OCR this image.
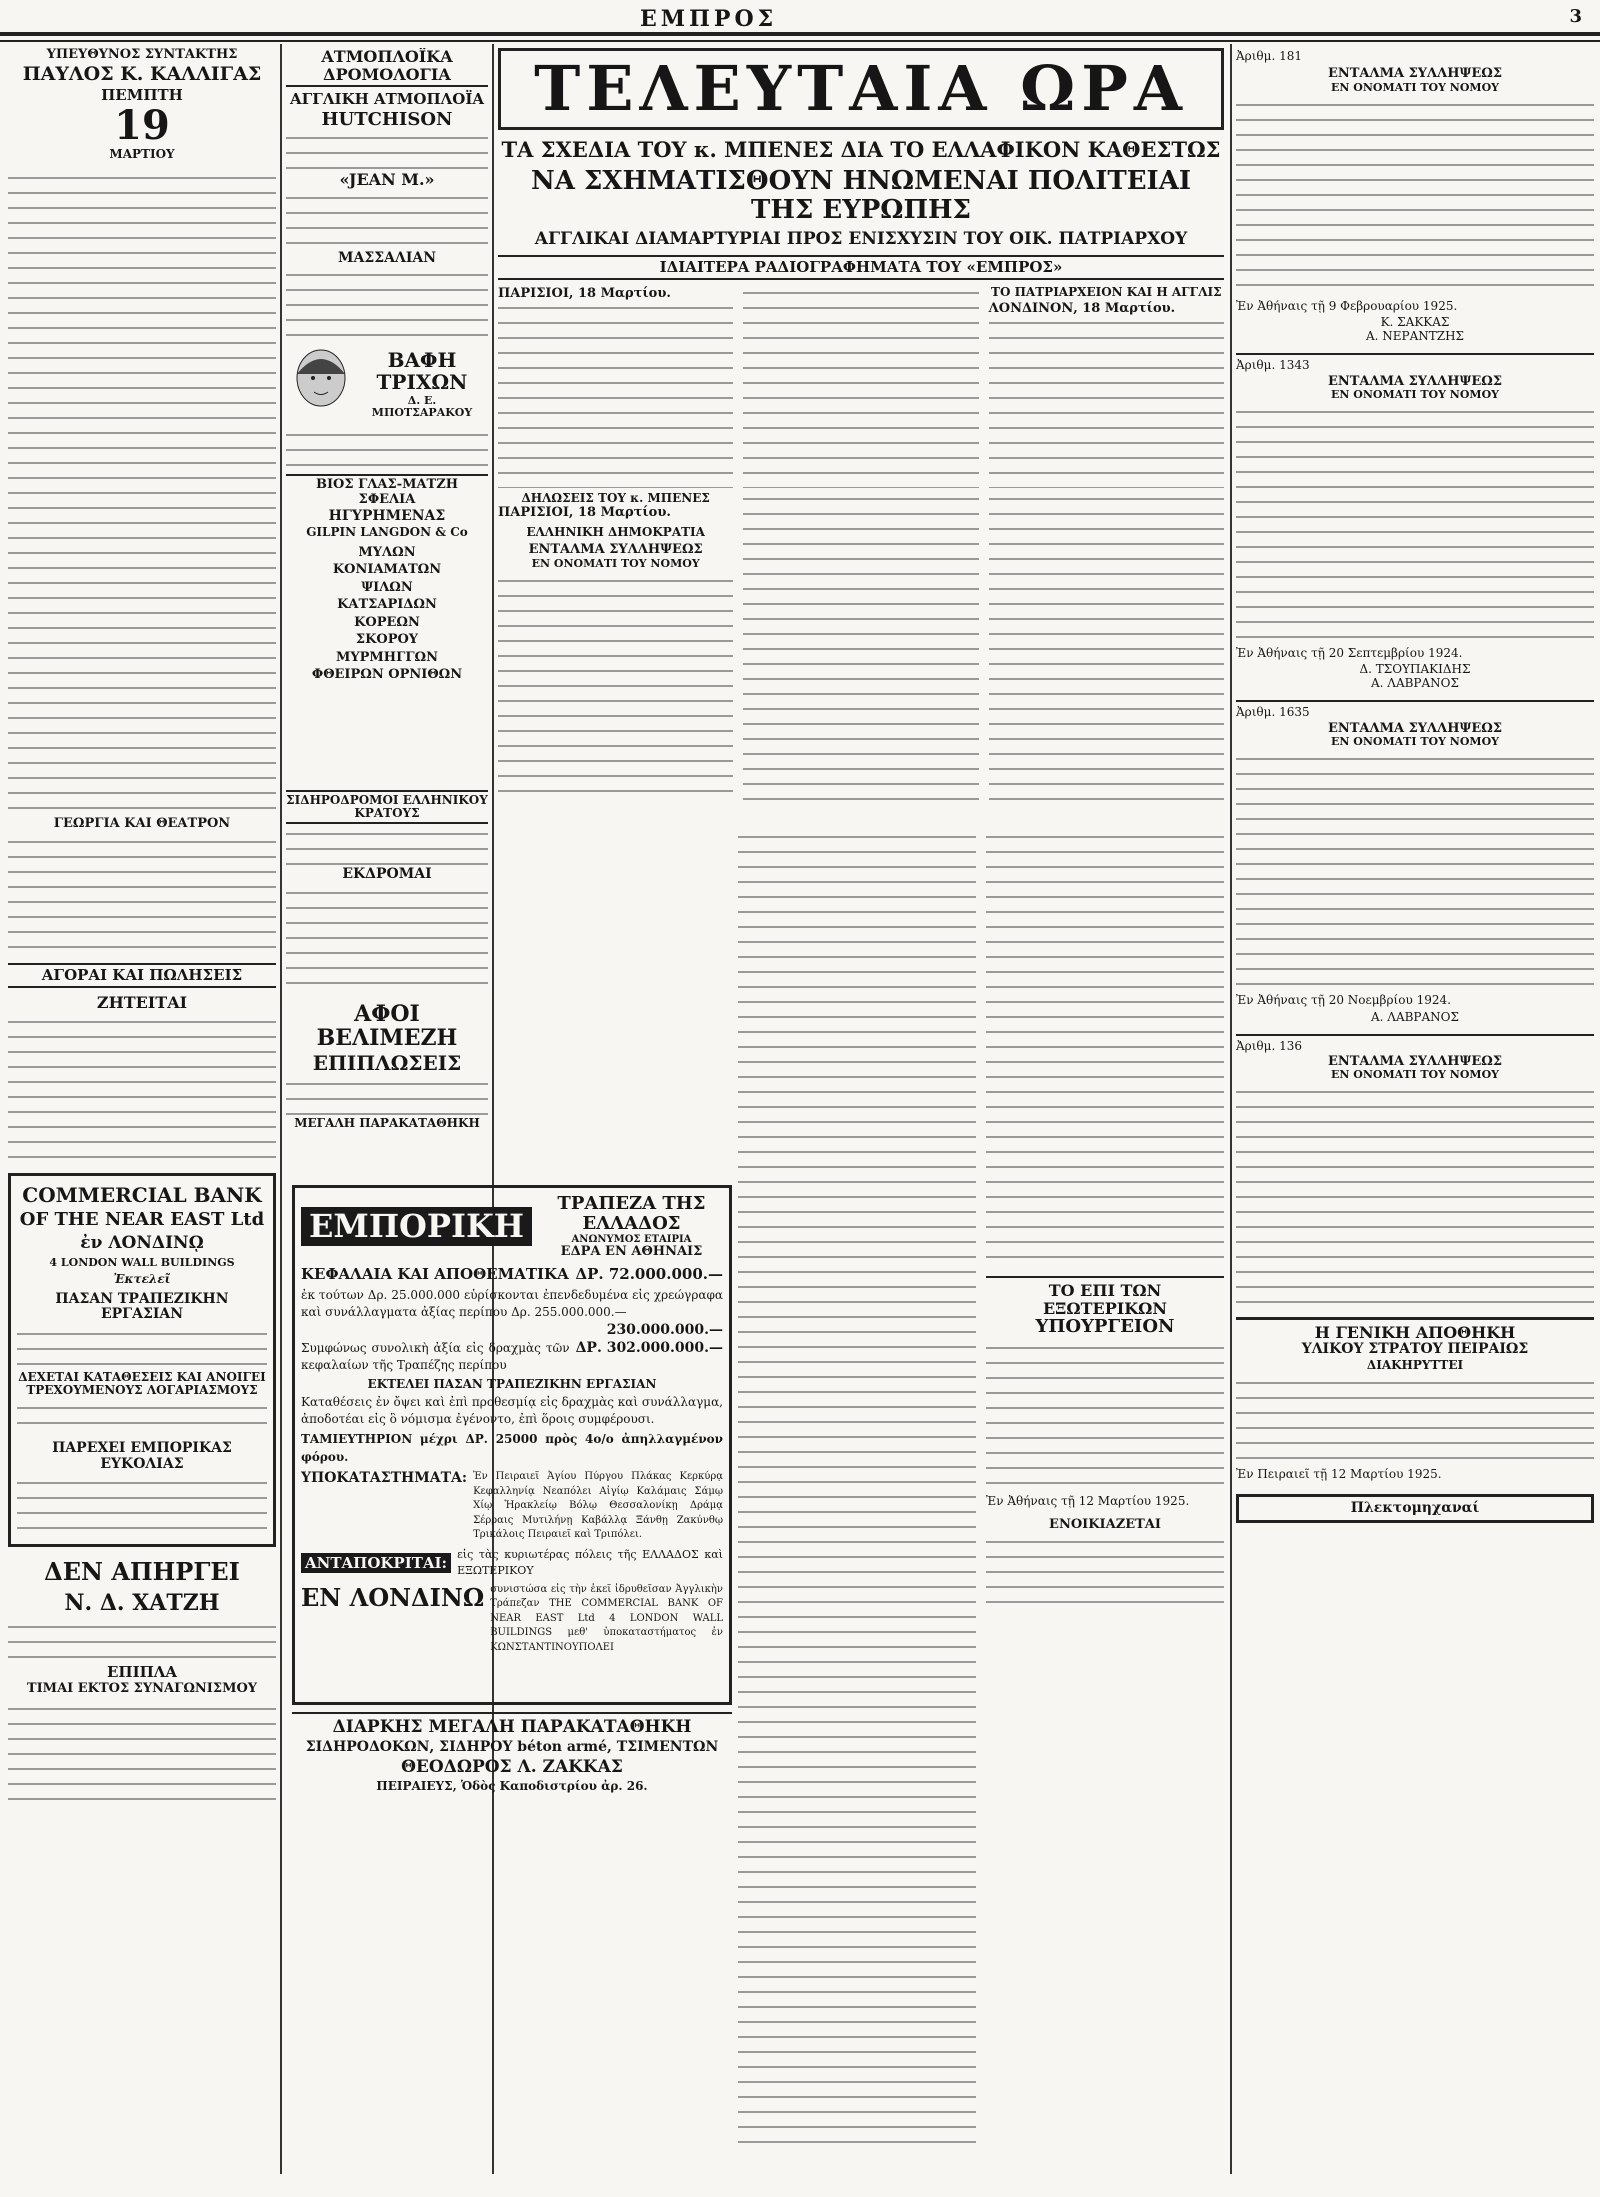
ΕΜΠΡΟΣ	3
ΥΠΕΥΘΥΝΟΣ ΣΥΝΤΑΚΤΗΣ
ΠΑΥΛΟΣ Κ. ΚΑΛΛΙΓΑΣ
ΠΕΜΠΤΗ
19
ΜΑΡΤΙΟΥ
ΓΕΩΡΓΙΑ ΚΑΙ ΘΕΑΤΡΟΝ
ΑΓΟΡΑΙ ΚΑΙ ΠΩΛΗΣΕΙΣ
ΖΗΤΕΙΤΑΙ
COMMERCIAL BANK
OF THE NEAR EAST Ltd
ἐν ΛΟΝΔΙΝῼ
4 LONDON WALL BUILDINGS
Ἐκτελεῖ
ΠΑΣΑΝ ΤΡΑΠΕΖΙΚΗΝ ΕΡΓΑΣΙΑΝ
ΔΕΧΕΤΑΙ ΚΑΤΑΘΕΣΕΙΣ ΚΑΙ ΑΝΟΙΓΕΙ ΤΡΕΧΟΥΜΕΝΟΥΣ ΛΟΓΑΡΙΑΣΜΟΥΣ
ΠΑΡΕΧΕΙ ΕΜΠΟΡΙΚΑΣ ΕΥΚΟΛΙΑΣ
ΔΕΝ ΑΠΗΡΓΕΙ
Ν. Δ. ΧΑΤΖΗ
ΕΠΙΠΛΑ
ΤΙΜΑΙ ΕΚΤΟΣ ΣΥΝΑΓΩΝΙΣΜΟΥ
ΑΤΜΟΠΛΟΪΚΑ ΔΡΟΜΟΛΟΓΙΑ
ΑΓΓΛΙΚΗ ΑΤΜΟΠΛΟΪΑ
HUTCHISON
«JEAN M.»
ΜΑΣΣΑΛΙΑΝ
ΒΑΦΗ ΤΡΙΧΩΝ
Δ. Ε. ΜΠΟΤΣΑΡΑΚΟΥ
ΒΙΟΣ ΓΛΑΣ-ΜΑΤΖΗ ΣΦΕΛΙΑ
ΗΓΥΡΗΜΕΝΑΣ
GILPIN LANGDON & Co
ΜΥΛΩΝ
ΚΟΝΙΑΜΑΤΩΝ
ΨΙΛΩΝ
ΚΑΤΣΑΡΙΔΩΝ
ΚΟΡΕΩΝ
ΣΚΟΡΟΥ
ΜΥΡΜΗΓΓΩΝ
ΦΘΕΙΡΩΝ ΟΡΝΙΘΩΝ
ΣΙΔΗΡΟΔΡΟΜΟΙ ΕΛΛΗΝΙΚΟΥ ΚΡΑΤΟΥΣ
ΕΚΔΡΟΜΑΙ
ΑΦΟΙ ΒΕΛΙΜΕΖΗ
ΕΠΙΠΛΩΣΕΙΣ
ΜΕΓΑΛΗ ΠΑΡΑΚΑΤΑΘΗΚΗ
ΤΕΛΕΥΤΑΙΑ ΩΡΑ
ΤΑ ΣΧΕΔΙΑ ΤΟΥ κ. ΜΠΕΝΕΣ ΔΙΑ ΤΟ ΕΛΛΑΦΙΚΟΝ ΚΑΘΕΣΤΩΣ
ΝΑ ΣΧΗΜΑΤΙΣΘΟΥΝ ΗΝΩΜΕΝΑΙ ΠΟΛΙΤΕΙΑΙ ΤΗΣ ΕΥΡΩΠΗΣ
ΑΓΓΛΙΚΑΙ ΔΙΑΜΑΡΤΥΡΙΑΙ ΠΡΟΣ ΕΝΙΣΧΥΣΙΝ ΤΟΥ ΟΙΚ. ΠΑΤΡΙΑΡΧΟΥ
ΙΔΙΑΙΤΕΡΑ ΡΑΔΙΟΓΡΑΦΗΜΑΤΑ ΤΟΥ «ΕΜΠΡΟΣ»
ΠΑΡΙΣΙΟΙ, 18 Μαρτίου.	ΤΟ ΠΑΤΡΙΑΡΧΕΙΟΝ ΚΑΙ Η ΑΓΓΛΙΣ
ΛΟΝΔΙΝΟΝ, 18 Μαρτίου.
ΔΗΛΩΣΕΙΣ ΤΟΥ κ. ΜΠΕΝΕΣ
ΠΑΡΙΣΙΟΙ, 18 Μαρτίου.
ΕΛΛΗΝΙΚΗ ΔΗΜΟΚΡΑΤΙΑ
ΕΝΤΑΛΜΑ ΣΥΛΛΗΨΕΩΣ
ΕΝ ΟΝΟΜΑΤΙ ΤΟΥ ΝΟΜΟΥ
ΕΜΠΟΡΙΚΗ
ΤΡΑΠΕΖΑ ΤΗΣ ΕΛΛΑΔΟΣ
ΑΝΩΝΥΜΟΣ ΕΤΑΙΡΙΑ
ΕΔΡΑ ΕΝ ΑΘΗΝΑΙΣ
ΚΕΦΑΛΑΙΑ ΚΑΙ ΑΠΟΘΕΜΑΤΙΚΑ ΔΡ. 72.000.000.—
ἐκ τούτων Δρ. 25.000.000 εὑρίσκονται ἐπενδεδυμένα εἰς χρεώγραφα καὶ συνάλλαγματα ἀξίας περίπου Δρ. 255.000.000.—
230.000.000.—
Συμφώνως συνολικὴ ἀξία εἰς δραχμὰς τῶν κεφαλαίων τῆς Τραπέζης περίπου
ΔΡ. 302.000.000.—
ΕΚΤΕΛΕΙ ΠΑΣΑΝ ΤΡΑΠΕΖΙΚΗΝ ΕΡΓΑΣΙΑΝ
Καταθέσεις ἐν ὄψει καὶ ἐπὶ προθεσμίᾳ εἰς δραχμὰς καὶ συνάλλαγμα, ἀποδοτέαι εἰς ὃ νόμισμα ἐγένοντο, ἐπὶ ὅροις συμφέρουσι.
ΤΑΜΙΕΥΤΗΡΙΟΝ μέχρι ΔΡ. 25000 πρὸς 4ο/ο ἀπηλλαγμένον φόρου.
ΥΠΟΚΑΤΑΣΤΗΜΑΤΑ: Ἐν Πειραιεῖ Ἀγίου Πύργου Πλάκας Κερκύρᾳ Κεφαλληνίᾳ Νεαπόλει Αἰγίῳ Καλάμαις Σάμῳ Χίῳ Ἡρακλείῳ Βόλῳ Θεσσαλονίκῃ Δράμᾳ Σέρραις Μυτιλήνῃ Καβάλλᾳ Ξάνθῃ Ζακύνθῳ Τρικάλοις Πειραιεῖ καὶ Τριπόλει.
ΑΝΤΑΠΟΚΡΙΤΑΙ: εἰς τὰς κυριωτέρας πόλεις τῆς ΕΛΛΑΔΟΣ καὶ ΕΞΩΤΕΡΙΚΟΥ
ΕΝ ΛΟΝΔΙΝΩ συνιστώσα εἰς τὴν ἐκεῖ ἱδρυθεῖσαν Ἀγγλικὴν Τράπεζαν THE COMMERCIAL BANK OF NEAR EAST Ltd 4 LONDON WALL BUILDINGS μεθ' ὑποκαταστήματος ἐν ΚΩΝΣΤΑΝΤΙΝΟΥΠΟΛΕΙ
ΔΙΑΡΚΗΣ ΜΕΓΑΛΗ ΠΑΡΑΚΑΤΑΘΗΚΗ
ΣΙΔΗΡΟΔΟΚΩΝ, ΣΙΔΗΡΟΥ béton armé, ΤΣΙΜΕΝΤΩΝ
ΘΕΟΔΩΡΟΣ Λ. ΖΑΚΚΑΣ
ΠΕΙΡΑΙΕΥΣ, Ὁδὸς Καποδιστρίου ἀρ. 26.
ΤΟ ΕΠΙ ΤΩΝ ΕΞΩΤΕΡΙΚΩΝ
ΥΠΟΥΡΓΕΙΟΝ
Ἐν Ἀθήναις τῇ 12 Μαρτίου 1925.
ΕΝΟΙΚΙΑΖΕΤΑΙ
Ἀριθμ. 181
ΕΝΤΑΛΜΑ ΣΥΛΛΗΨΕΩΣ
ΕΝ ΟΝΟΜΑΤΙ ΤΟΥ ΝΟΜΟΥ
Ἐν Ἀθήναις τῇ 9 Φεβρουαρίου 1925.
Κ. ΣΑΚΚΑΣ
Α. ΝΕΡΑΝΤΖΗΣ
Ἀριθμ. 1343
ΕΝΤΑΛΜΑ ΣΥΛΛΗΨΕΩΣ
ΕΝ ΟΝΟΜΑΤΙ ΤΟΥ ΝΟΜΟΥ
Ἐν Ἀθήναις τῇ 20 Σεπτεμβρίου 1924.
Δ. ΤΣΟΥΠΑΚΙΔΗΣ
Α. ΛΑΒΡΑΝΟΣ
Ἀριθμ. 1635
ΕΝΤΑΛΜΑ ΣΥΛΛΗΨΕΩΣ
ΕΝ ΟΝΟΜΑΤΙ ΤΟΥ ΝΟΜΟΥ
Ἐν Ἀθήναις τῇ 20 Νοεμβρίου 1924.
Α. ΛΑΒΡΑΝΟΣ
Ἀριθμ. 136
ΕΝΤΑΛΜΑ ΣΥΛΛΗΨΕΩΣ
ΕΝ ΟΝΟΜΑΤΙ ΤΟΥ ΝΟΜΟΥ
Η ΓΕΝΙΚΗ ΑΠΟΘΗΚΗ
ΥΛΙΚΟΥ ΣΤΡΑΤΟΥ ΠΕΙΡΑΙΩΣ
ΔΙΑΚΗΡΥΤΤΕΙ
Ἐν Πειραιεῖ τῇ 12 Μαρτίου 1925.
Πλεκτομηχαναί
